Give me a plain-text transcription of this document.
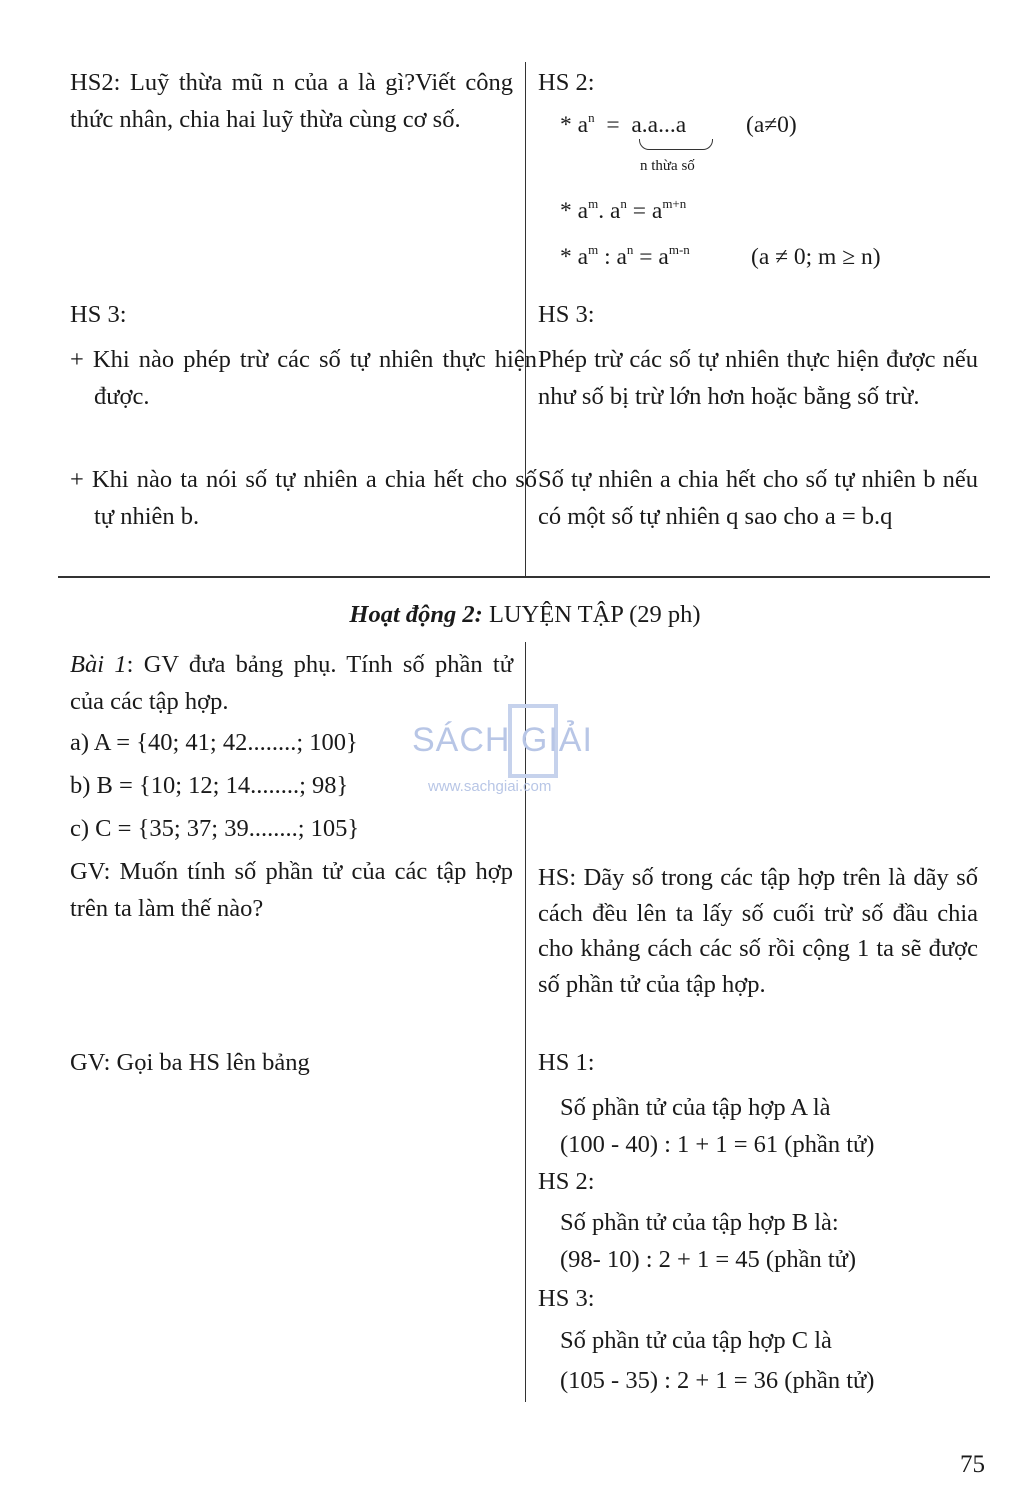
HS2: Luỹ thừa mũ n của a là gì?Viết công thức nhân, chia hai luỹ thừa cùng cơ số.

HS 2:

* $a^n = a.a...a$	(a≠0)
n thừa số
* $a^m$. $a^n = a^{m+n}$
* $a^m$ : $a^n = a^{m-n}$	(a ≠ 0; m ≥ n)

HS 3:

+ Khi nào phép trừ các số tự nhiên thực hiện được.

+ Khi nào ta nói số tự nhiên a chia hết cho số tự nhiên b.

HS 3:

Phép trừ các số tự nhiên thực hiện được nếu như số bị trừ lớn hơn hoặc bằng số trừ.

Số tự nhiên a chia hết cho số tự nhiên b nếu có một số tự nhiên q sao cho a = b.q

Hoạt động 2: LUYỆN TẬP (29 ph)

Bài 1: GV đưa bảng phụ. Tính số phần tử của các tập hợp.

a) A = {40; 41; 42........; 100}

b) B = {10; 12; 14........; 98}

c) C = {35; 37; 39........; 105}

GV: Muốn tính số phần tử của các tập hợp trên ta làm thế nào?

GV: Gọi ba HS lên bảng

HS: Dãy số trong các tập hợp trên là dãy số cách đều lên ta lấy số cuối trừ số đầu chia cho khảng cách các số rồi cộng 1 ta sẽ được số phần tử của tập hợp.

HS 1:

Số phần tử của tập hợp A là

(100 - 40) : 1 + 1 = 61 (phần tử)

HS 2:

Số phần tử của tập hợp B là:

(98- 10) : 2 + 1 = 45 (phần tử)

HS 3:

Số phần tử của tập hợp C là

(105 - 35) : 2 + 1 = 36 (phần tử)

SÁCH GIẢI
www.sachgiai.com
75
